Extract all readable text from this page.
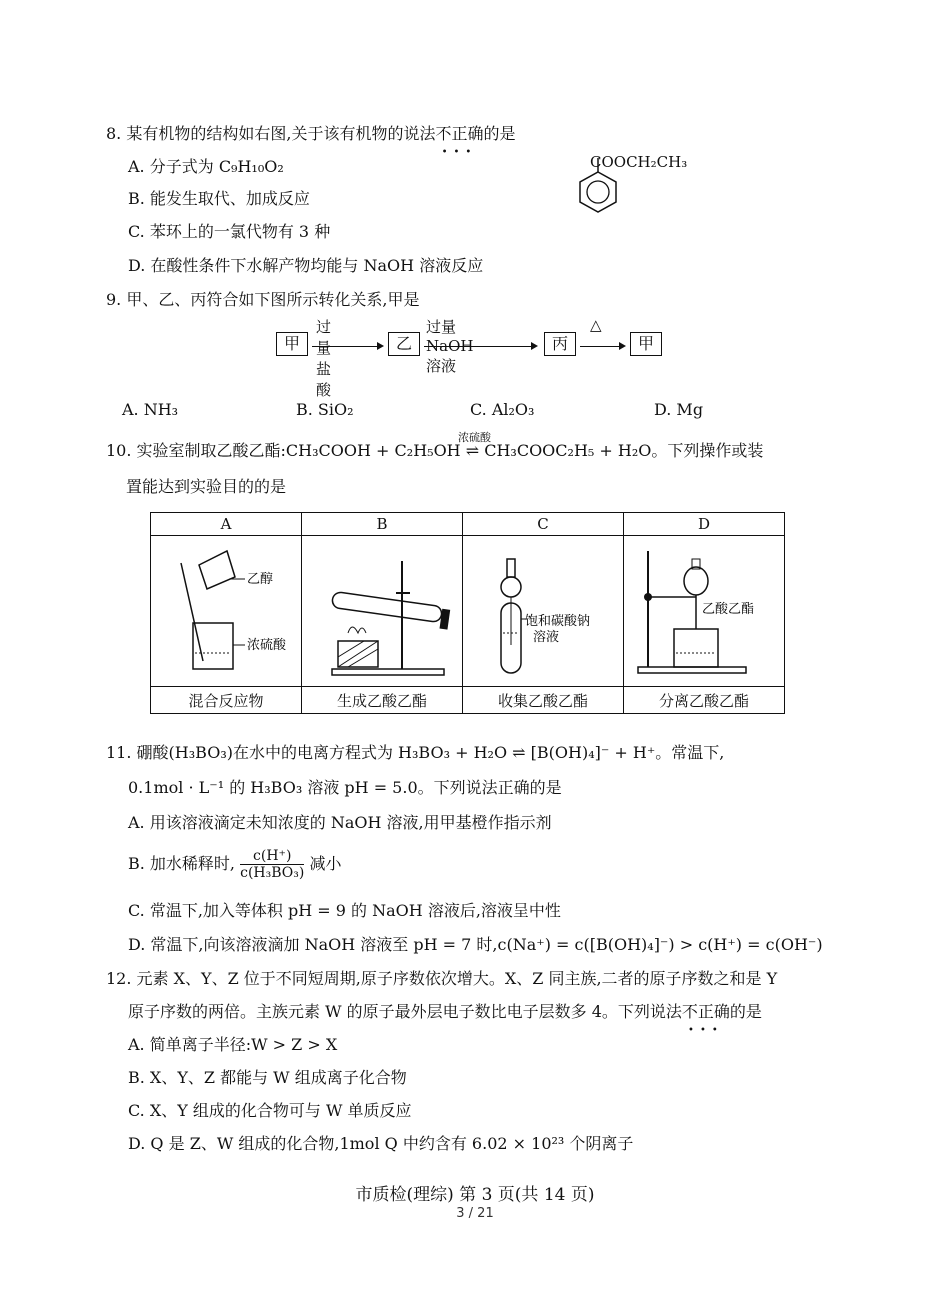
8. 某有机物的结构如右图,关于该有机物的说法不正确
•••
的是
A. 分子式为 C₉H₁₀O₂
B. 能发生取代、加成反应
C. 苯环上的一氯代物有 3 种
D. 在酸性条件下水解产物均能与 NaOH 溶液反应
COOCH₂CH₃
9. 甲、乙、丙符合如下图所示转化关系,甲是
甲
过量盐酸
乙
过量NaOH溶液
丙
△
甲
A. NH₃	B. SiO₂	C. Al₂O₃	D. Mg
浓硫酸
10. 实验室制取乙酸乙酯:CH₃COOH + C₂H₅OH ⇌ CH₃COOC₂H₅ + H₂O。下列操作或装
置能达到实验目的的是
A	B	C	D

乙醇
浓硫酸		饱和碳酸钠
溶液	乙酸乙酯

混合反应物	生成乙酸乙酯	收集乙酸乙酯	分离乙酸乙酯
11. 硼酸(H₃BO₃)在水中的电离方程式为 H₃BO₃ + H₂O ⇌ [B(OH)₄]⁻ + H⁺。常温下,
0.1mol · L⁻¹ 的 H₃BO₃ 溶液 pH = 5.0。下列说法正确的是
A. 用该溶液滴定未知浓度的 NaOH 溶液,用甲基橙作指示剂
B. 加水稀释时, $\frac{c(H^+)}{\text{c(H₃BO₃)}}$ 减小
C. 常温下,加入等体积 pH = 9 的 NaOH 溶液后,溶液呈中性
D. 常温下,向该溶液滴加 NaOH 溶液至 pH = 7 时,c(Na⁺) = c([B(OH)₄]⁻) > c(H⁺) = c(OH⁻)
12. 元素 X、Y、Z 位于不同短周期,原子序数依次增大。X、Z 同主族,二者的原子序数之和是 Y
原子序数的两倍。主族元素 W 的原子最外层电子数比电子层数多 4。下列说法不正确
•••
的是
A. 简单离子半径:W > Z > X
B. X、Y、Z 都能与 W 组成离子化合物
C. X、Y 组成的化合物可与 W 单质反应
D. Q 是 Z、W 组成的化合物,1mol Q 中约含有 6.02 × 10²³ 个阴离子
市质检(理综) 第 3 页(共 14 页)
3 / 21
